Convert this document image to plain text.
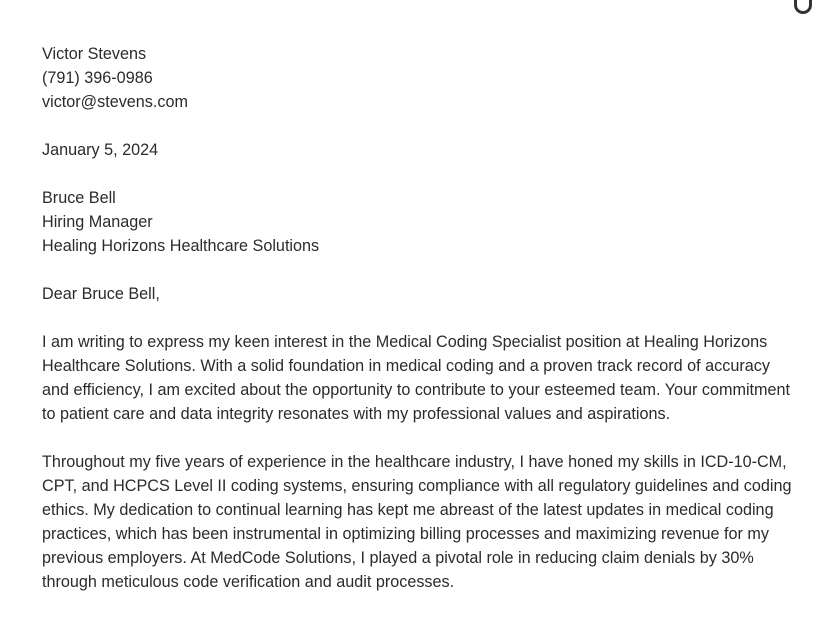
Victor Stevens
(791) 396-0986
victor@stevens.com

January 5, 2024

Bruce Bell
Hiring Manager
Healing Horizons Healthcare Solutions

Dear Bruce Bell,

I am writing to express my keen interest in the Medical Coding Specialist position at Healing Horizons Healthcare Solutions. With a solid foundation in medical coding and a proven track record of accuracy and efficiency, I am excited about the opportunity to contribute to your esteemed team. Your commitment to patient care and data integrity resonates with my professional values and aspirations.

Throughout my five years of experience in the healthcare industry, I have honed my skills in ICD-10-CM, CPT, and HCPCS Level II coding systems, ensuring compliance with all regulatory guidelines and coding ethics. My dedication to continual learning has kept me abreast of the latest updates in medical coding practices, which has been instrumental in optimizing billing processes and maximizing revenue for my previous employers. At MedCode Solutions, I played a pivotal role in reducing claim denials by 30% through meticulous code verification and audit processes.
